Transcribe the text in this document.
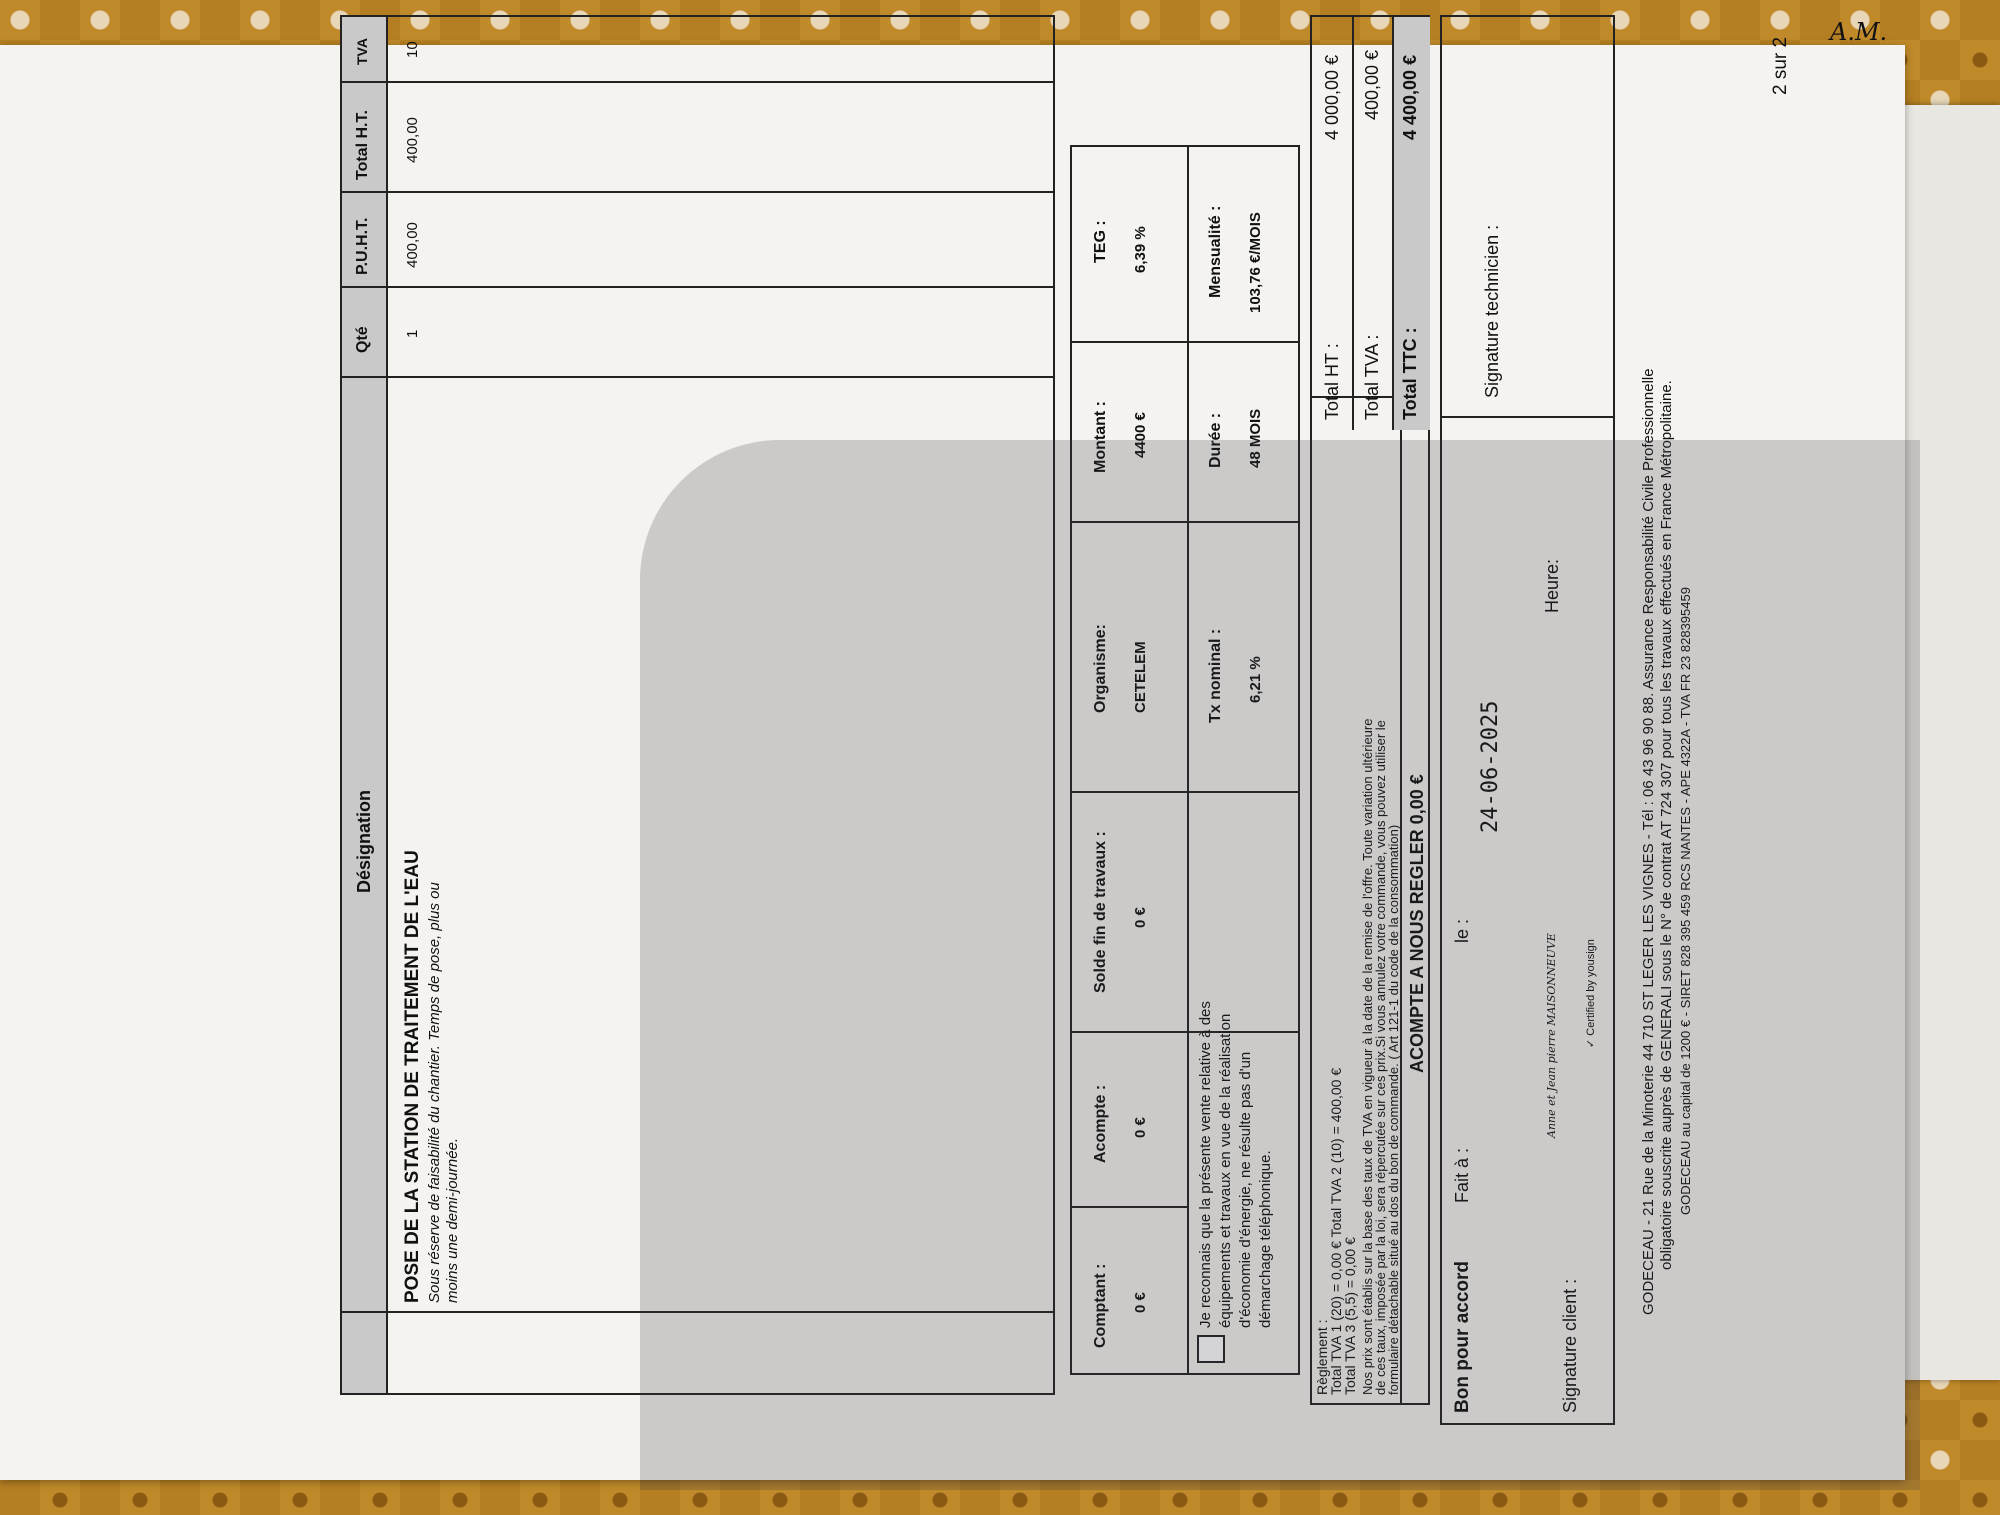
2 sur 2
Désignation
Qté
P.U.H.T.
Total H.T.
TVA
POSE DE LA STATION DE TRAITEMENT DE L'EAU Sous réserve de faisabilité du chantier. Temps de pose, plus ou moins une demi-journée.
1
400,00
400,00
10
Comptant : 0 €
Acompte : 0 €
Solde fin de travaux : 0 €
Organisme: CETELEM
Montant : 4400 €
TEG : 6,39 %
Je reconnais que la présente vente relative à des équipements et travaux en vue de la réalisation d'économie d'énergie, ne résulte pas d'un démarchage téléphonique.
Tx nominal : 6,21 %
Durée : 48 MOIS
Mensualité : 103,76 €/MOIS
Règlement :
Total TVA 1 (20) = 0,00 € Total TVA 2 (10) = 400,00 €
Total TVA 3 (5,5) = 0,00 € Nos prix sont établis sur la base des taux de TVA en vigueur à la date de la remise de l'offre. Toute variation ultérieure
de ces taux, imposée par la loi, sera répercutée sur ces prix.Si vous annulez votre commande, vous pouvez utiliser le
formulaire détachable situé au dos du bon de commande. ( Art 121-1 du code de la consommation) ACOMPTE A NOUS REGLER 0,00 €
Total HT :
4 000,00 €
Total TVA :
400,00 €
Total TTC :
4 400,00 €
Bon pour accord
Fait à :
le :
24-06-2025
Heure:
Signature client :
Anne et Jean pierre MAISONNEUVE ✓ Certified by yousign
Signature technicien :
GODECEAU - 21 Rue de la Minoterie 44 710 ST LEGER LES VIGNES - Tél : 06 43 96 90 88. Assurance Responsabilité Civile Professionnelle obligatoire souscrite auprès de GENERALI sous le N° de contrat AT 724 307 pour tous les travaux effectués en France Métropolitaine. GODECEAU au capital de 1200 € - SIRET 828 395 459 RCS NANTES - APE 4322A - TVA FR 23 828395459
A.M.
